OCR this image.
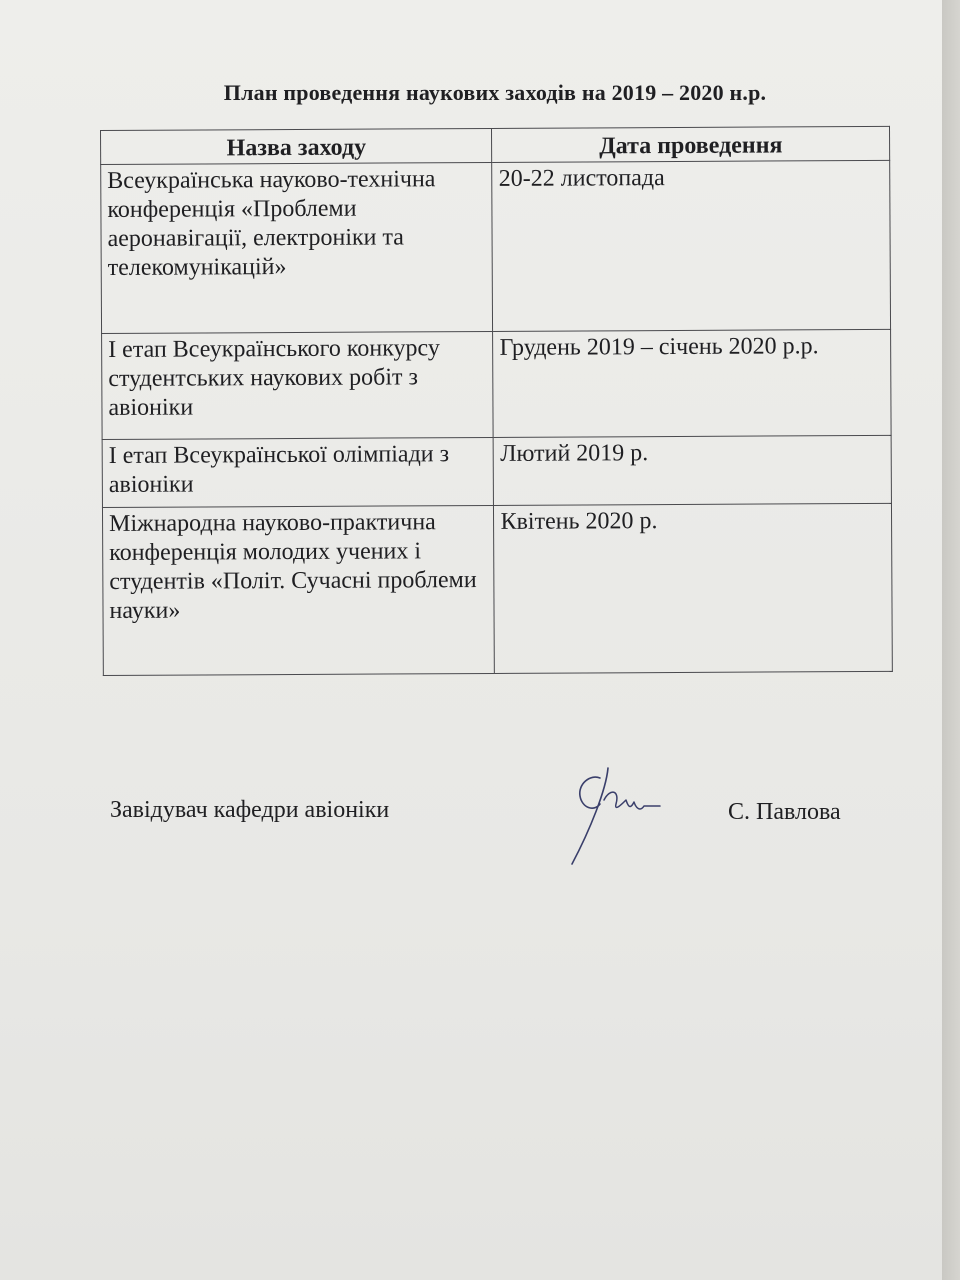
План проведення наукових заходів на 2019 – 2020 н.р.
Назва заходу	Дата проведення
Всеукраїнська науково-технічна конференція «Проблеми аеронавігації, електроніки та телекомунікацій»	20-22 листопада
I етап Всеукраїнського конкурсу студентських наукових робіт з авіоніки	Грудень 2019 – січень 2020 р.р.
I етап Всеукраїнської олімпіади з авіоніки	Лютий 2019 р.
Міжнародна науково-практична конференція молодих учених і студентів «Політ. Сучасні проблеми науки»	Квітень 2020 р.
Завідувач кафедри авіоніки	С. Павлова
